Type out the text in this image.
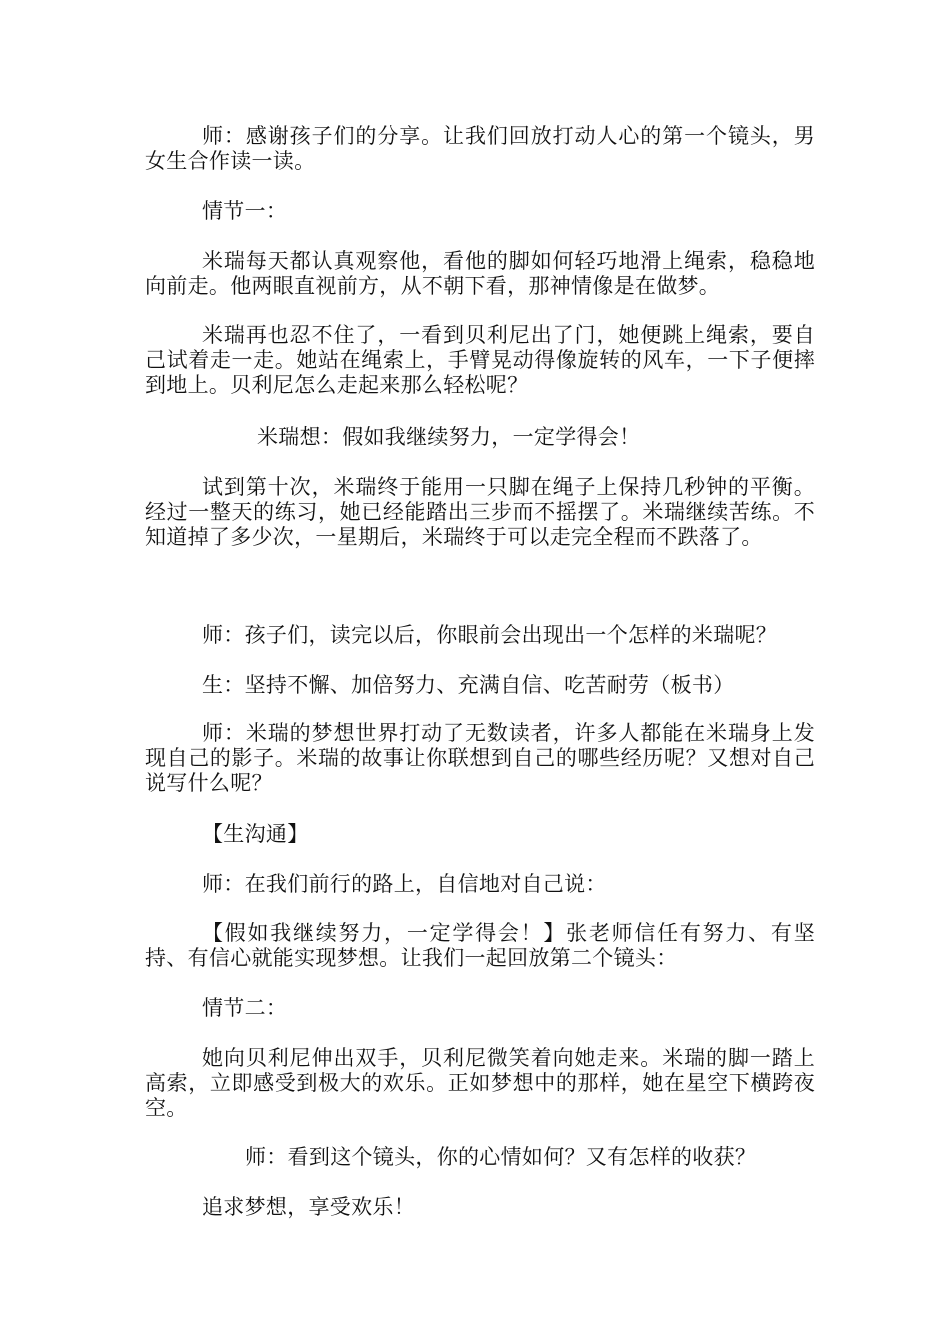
师：感谢孩子们的分享。让我们回放打动人心的第一个镜头，男女生合作读一读。

情节一：

米瑞每天都认真观察他，看他的脚如何轻巧地滑上绳索，稳稳地向前走。他两眼直视前方，从不朝下看，那神情像是在做梦。

米瑞再也忍不住了，一看到贝利尼出了门，她便跳上绳索，要自己试着走一走。她站在绳索上，手臂晃动得像旋转的风车，一下子便摔到地上。贝利尼怎么走起来那么轻松呢？

米瑞想：假如我继续努力，一定学得会！

试到第十次，米瑞终于能用一只脚在绳子上保持几秒钟的平衡。经过一整天的练习，她已经能踏出三步而不摇摆了。米瑞继续苦练。不知道掉了多少次，一星期后，米瑞终于可以走完全程而不跌落了。

师：孩子们，读完以后，你眼前会出现出一个怎样的米瑞呢？

生：坚持不懈、加倍努力、充满自信、吃苦耐劳（板书）

师：米瑞的梦想世界打动了无数读者，许多人都能在米瑞身上发现自己的影子。米瑞的故事让你联想到自己的哪些经历呢？又想对自己说写什么呢？

【生沟通】

师：在我们前行的路上，自信地对自己说：

【假如我继续努力，一定学得会！】张老师信任有努力、有坚持、有信心就能实现梦想。让我们一起回放第二个镜头：

情节二：

她向贝利尼伸出双手，贝利尼微笑着向她走来。米瑞的脚一踏上高索，立即感受到极大的欢乐。正如梦想中的那样，她在星空下横跨夜空。

师：看到这个镜头，你的心情如何？又有怎样的收获？

追求梦想，享受欢乐！
